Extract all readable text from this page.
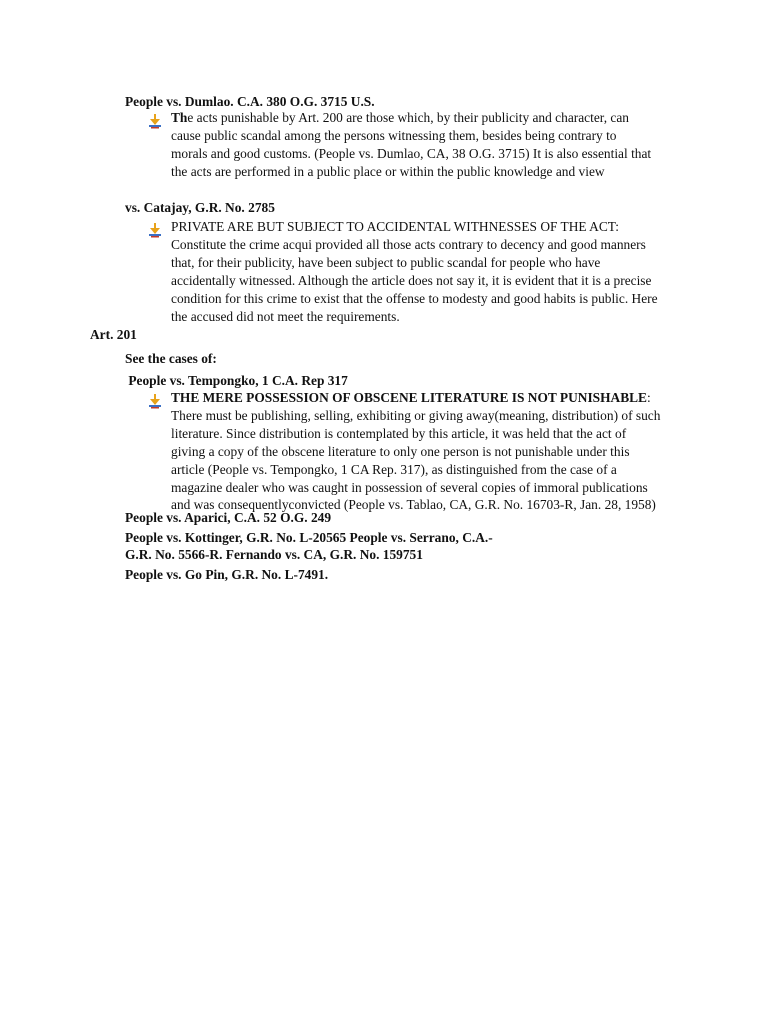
People vs. Dumlao. C.A. 380 O.G. 3715 U.S.
The acts punishable by Art. 200 are those which, by their publicity and character, can
cause public scandal among the persons witnessing them, besides being contrary to
morals and good customs. (People vs. Dumlao, CA, 38 O.G. 3715) It is also essential that
the acts are performed in a public place or within the public knowledge and view
vs. Catajay, G.R. No. 2785
PRIVATE ARE BUT SUBJECT TO ACCIDENTAL WITHNESSES OF THE ACT:
Constitute the crime acqui provided all those acts contrary to decency and good manners
that, for their publicity, have been subject to public scandal for people who have
accidentally witnessed. Although the article does not say it, it is evident that it is a precise
condition for this crime to exist that the offense to modesty and good habits is public. Here
the accused did not meet the requirements.
Art. 201
See the cases of:
People vs. Tempongko, 1 C.A. Rep 317
THE MERE POSSESSION OF OBSCENE LITERATURE IS NOT PUNISHABLE:
There must be publishing, selling, exhibiting or giving away(meaning, distribution) of such
literature. Since distribution is contemplated by this article, it was held that the act of
giving a copy of the obscene literature to only one person is not punishable under this
article (People vs. Tempongko, 1 CA Rep. 317), as distinguished from the case of a
magazine dealer who was caught in possession of several copies of immoral publications
and was consequentlyconvicted (People vs. Tablao, CA, G.R. No. 16703-R, Jan. 28, 1958)
People vs. Aparici, C.A. 52 O.G. 249
People vs. Kottinger, G.R. No. L-20565 People vs. Serrano, C.A.-
G.R. No. 5566-R. Fernando vs. CA, G.R. No. 159751
People vs. Go Pin, G.R. No. L-7491.
